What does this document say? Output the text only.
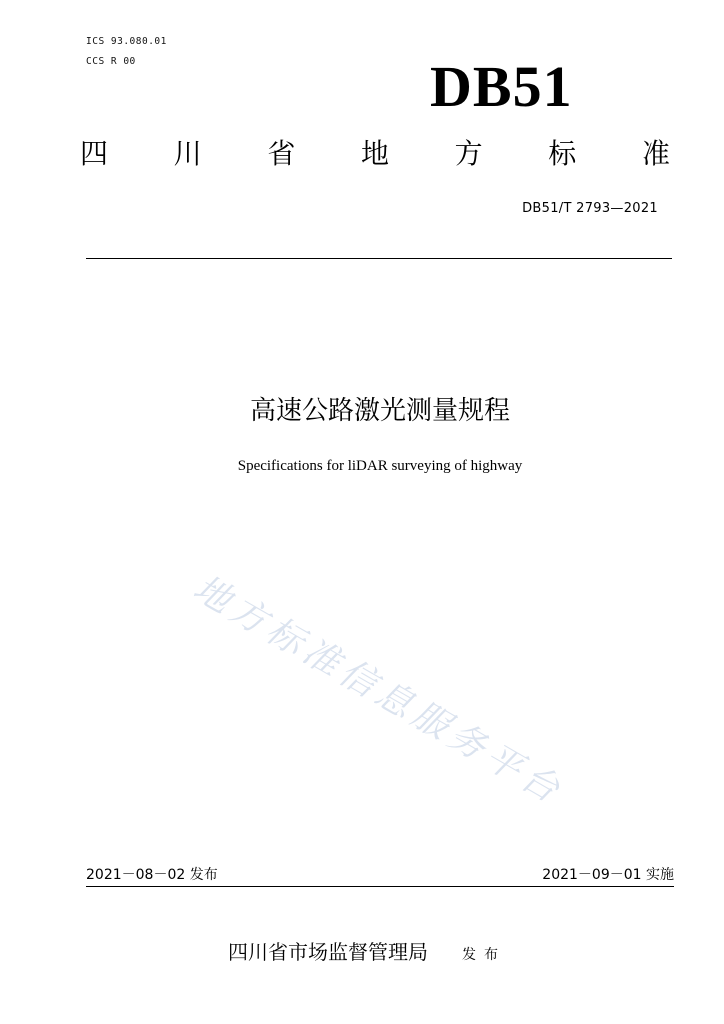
ICS 93.080.01
CCS R 00	DB51
四 川 省 地 方 标 准
DB51/T 2793—2021
高速公路激光测量规程
Specifications for liDAR surveying of highway
地方标准信息服务平台
2021－08－02 发布	2021－09－01 实施
四川省市场监督管理局 发布
